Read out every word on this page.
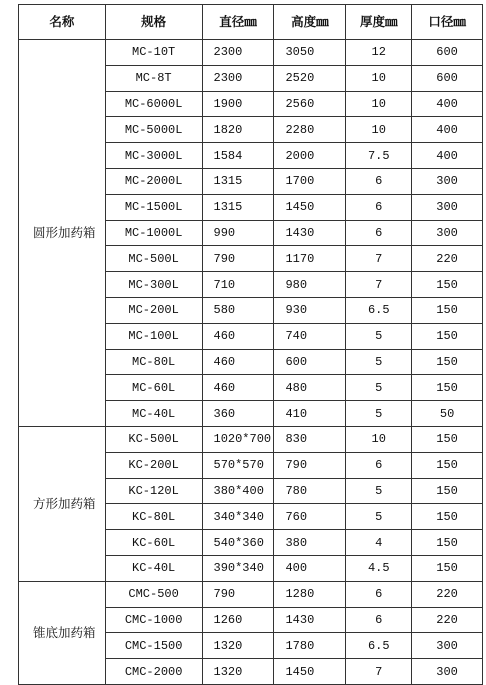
名称	规格	直径㎜	高度㎜	厚度㎜	口径㎜
圆形加药箱	MC-10T	2300	3050	12	600
	MC-8T	2300	2520	10	600
	MC-6000L	1900	2560	10	400
	MC-5000L	1820	2280	10	400
	MC-3000L	1584	2000	7.5	400
	MC-2000L	1315	1700	6	300
	MC-1500L	1315	1450	6	300
	MC-1000L	990	1430	6	300
	MC-500L	790	1170	7	220
	MC-300L	710	980	7	150
	MC-200L	580	930	6.5	150
	MC-100L	460	740	5	150
	MC-80L	460	600	5	150
	MC-60L	460	480	5	150
	MC-40L	360	410	5	50
方形加药箱	KC-500L	1020*700	830	10	150
	KC-200L	570*570	790	6	150
	KC-120L	380*400	780	5	150
	KC-80L	340*340	760	5	150
	KC-60L	540*360	380	4	150
	KC-40L	390*340	400	4.5	150
锥底加药箱	CMC-500	790	1280	6	220
	CMC-1000	1260	1430	6	220
	CMC-1500	1320	1780	6.5	300
	CMC-2000	1320	1450	7	300
